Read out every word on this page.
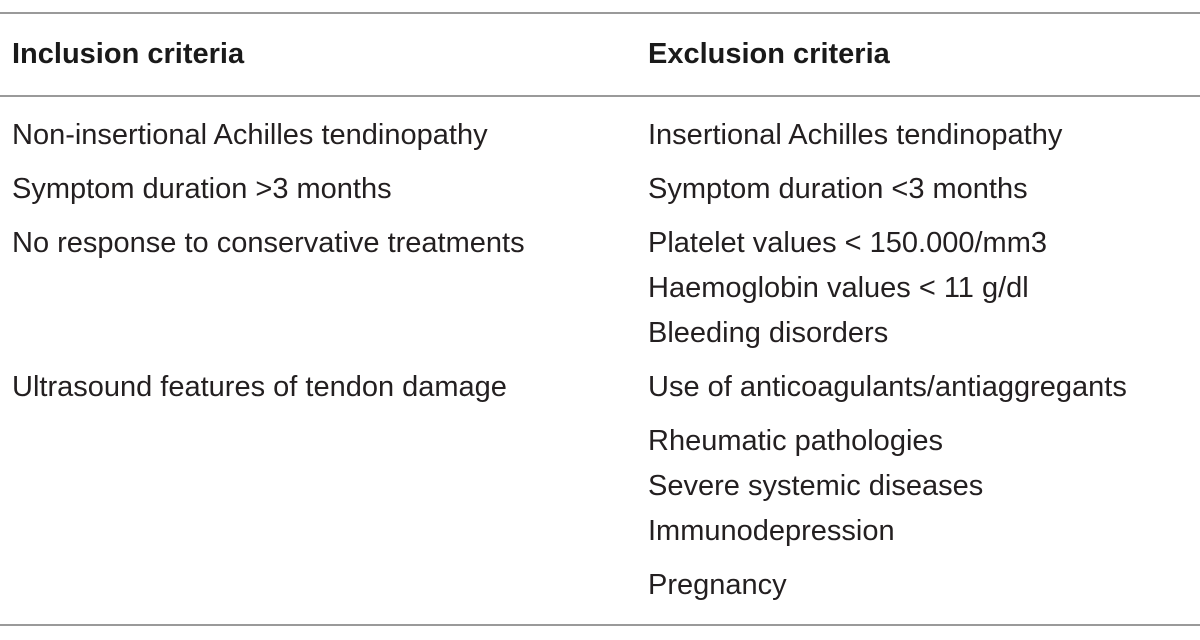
Inclusion criteria	Exclusion criteria
Non-insertional Achilles tendinopathy
Symptom duration >3 months
No response to conservative treatments
Ultrasound features of tendon damage
Insertional Achilles tendinopathy
Symptom duration <3 months
Platelet values < 150.000/mm3
Haemoglobin values < 11 g/dl
Bleeding disorders
Use of anticoagulants/antiaggregants
Rheumatic pathologies
Severe systemic diseases
Immunodepression
Pregnancy
